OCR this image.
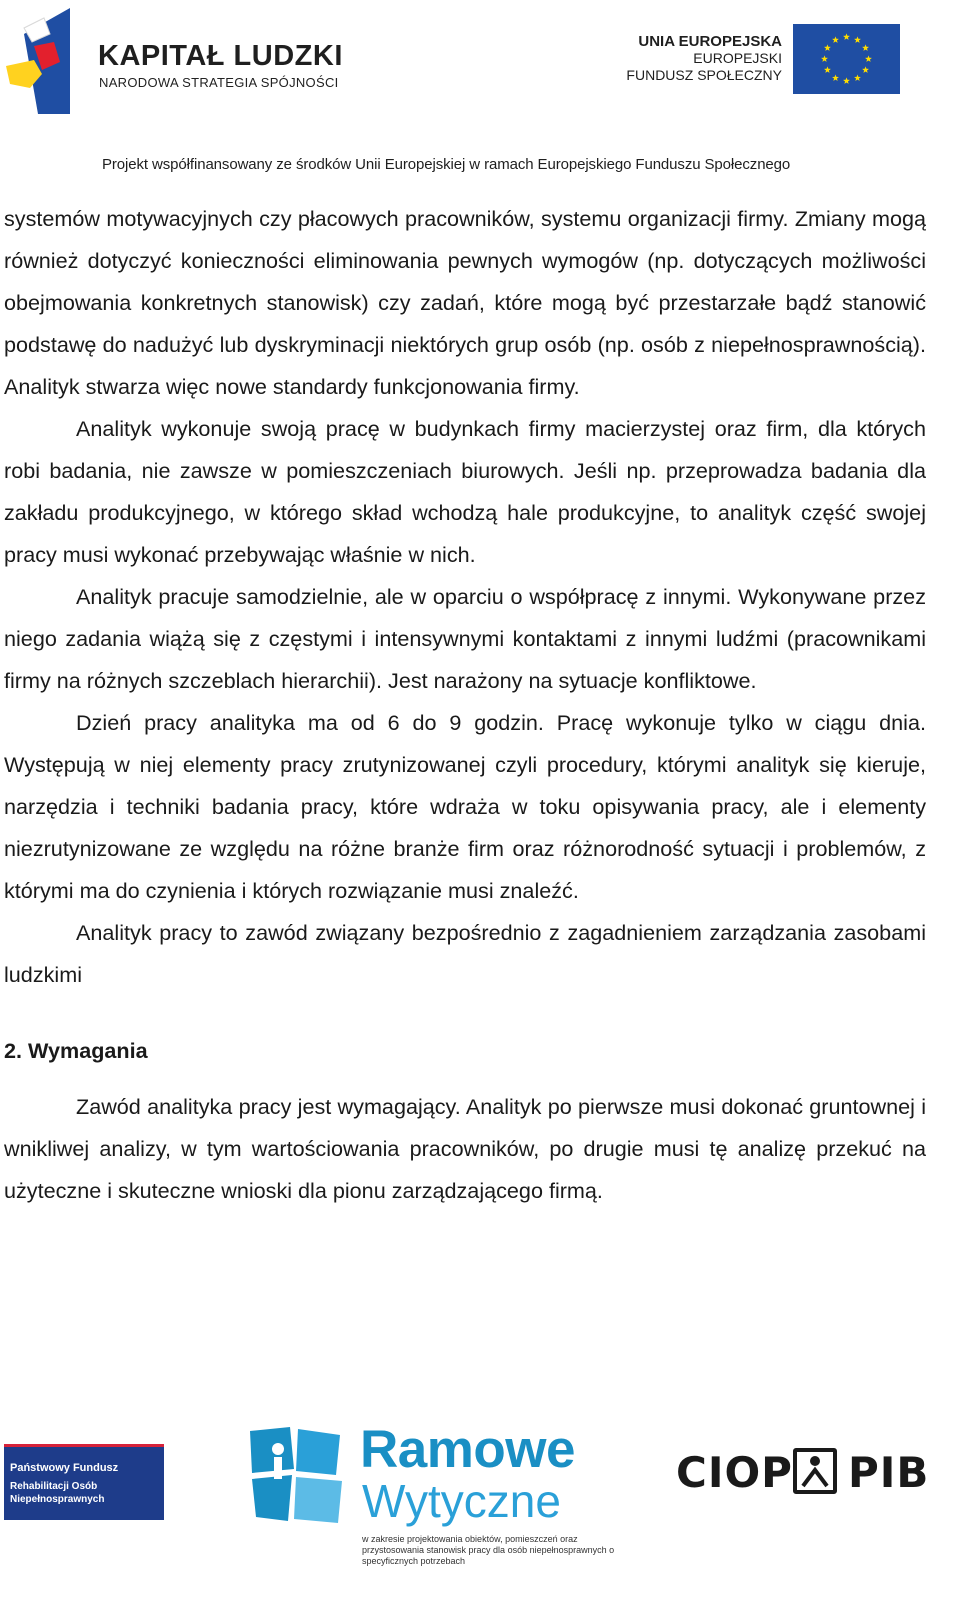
KAPITAŁ LUDZKI
NARODOWA STRATEGIA SPÓJNOŚCI
UNIA EUROPEJSKA
EUROPEJSKI
FUNDUSZ SPOŁECZNY
Projekt współfinansowany ze środków Unii Europejskiej w ramach Europejskiego Funduszu Społecznego

systemów motywacyjnych czy płacowych pracowników, systemu organizacji firmy. Zmiany mogą również dotyczyć konieczności eliminowania pewnych wymogów (np. dotyczących możliwości obejmowania konkretnych stanowisk) czy zadań, które mogą być przestarzałe bądź stanowić podstawę do nadużyć lub dyskryminacji niektórych grup osób (np. osób z niepełnosprawnością). Analityk stwarza więc nowe standardy funkcjonowania firmy.

Analityk wykonuje swoją pracę w budynkach firmy macierzystej oraz firm, dla których robi badania, nie zawsze w pomieszczeniach biurowych. Jeśli np. przeprowadza badania dla zakładu produkcyjnego, w którego skład wchodzą hale produkcyjne, to analityk część swojej pracy musi wykonać przebywając właśnie w nich.

Analityk pracuje samodzielnie, ale w oparciu o współpracę z innymi. Wykonywane przez niego zadania wiążą się z częstymi i intensywnymi kontaktami z innymi ludźmi (pracownikami firmy na różnych szczeblach hierarchii). Jest narażony na sytuacje konfliktowe.

Dzień pracy analityka ma od 6 do 9 godzin. Pracę wykonuje tylko w ciągu dnia. Występują w niej elementy pracy zrutynizowanej czyli procedury, którymi analityk się kieruje, narzędzia i techniki badania pracy, które wdraża w toku opisywania pracy, ale i elementy niezrutynizowane ze względu na różne branże firm oraz różnorodność sytuacji i problemów, z którymi ma do czynienia i których rozwiązanie musi znaleźć.

Analityk pracy to zawód związany bezpośrednio z zagadnieniem zarządzania zasobami ludzkimi

2. Wymagania

Zawód analityka pracy jest wymagający. Analityk po pierwsze musi dokonać gruntownej i wnikliwej analizy, w tym wartościowania pracowników, po drugie musi tę analizę przekuć na użyteczne i skuteczne wnioski dla pionu zarządzającego firmą.

Państwowy Fundusz
Rehabilitacji Osób Niepełnosprawnych
Ramowe
Wytyczne
w zakresie projektowania obiektów, pomieszczeń oraz przystosowania stanowisk pracy dla osób niepełnosprawnych o specyficznych potrzebach
CIOP PIB
